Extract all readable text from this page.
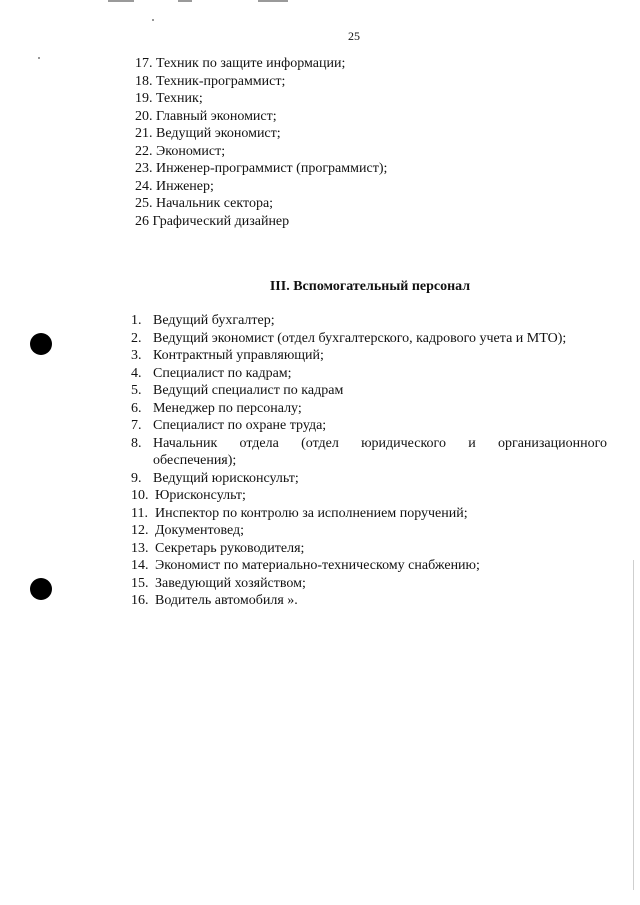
25
17. Техник по защите информации;
18. Техник-программист;
19. Техник;
20. Главный экономист;
21. Ведущий экономист;
22. Экономист;
23. Инженер-программист (программист);
24. Инженер;
25. Начальник сектора;
26 Графический дизайнер
III. Вспомогательный персонал
1. Ведущий бухгалтер;
2. Ведущий экономист (отдел бухгалтерского, кадрового учета и МТО);
3. Контрактный управляющий;
4. Специалист по кадрам;
5. Ведущий специалист по кадрам
6. Менеджер по персоналу;
7. Специалист по охране труда;
8. Начальник отдела (отдел юридического и организационного
обеспечения);
9. Ведущий юрисконсульт;
10. Юрисконсульт;
11. Инспектор по контролю за исполнением поручений;
12. Документовед;
13. Секретарь руководителя;
14. Экономист по материально-техническому снабжению;
15. Заведующий хозяйством;
16. Водитель автомобиля ».
